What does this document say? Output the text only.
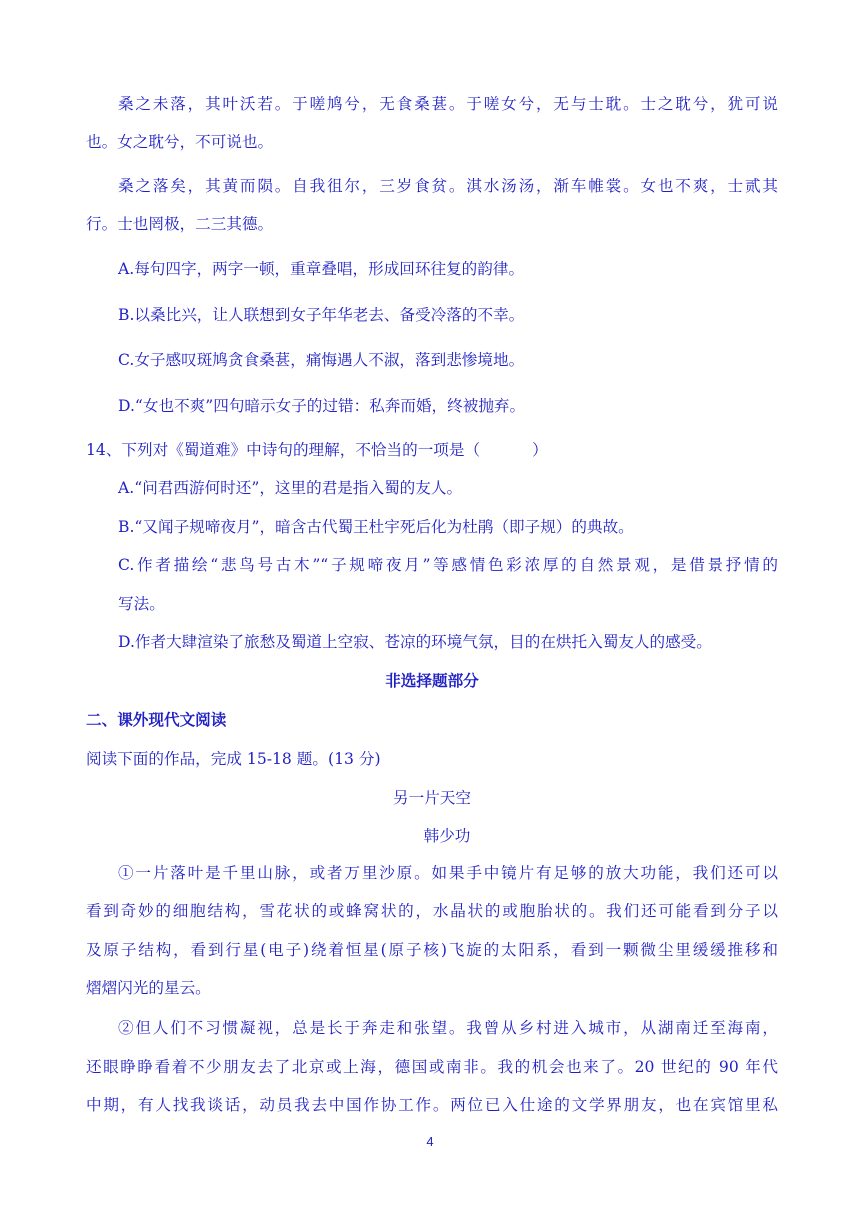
桑之未落，其叶沃若。于嗟鸠兮，无食桑葚。于嗟女兮，无与士耽。士之耽兮，犹可说
也。女之耽兮，不可说也。
桑之落矣，其黄而陨。自我徂尔，三岁食贫。淇水汤汤，渐车帷裳。女也不爽，士贰其
行。士也罔极，二三其德。
A.每句四字，两字一顿，重章叠唱，形成回环往复的韵律。
B.以桑比兴，让人联想到女子年华老去、备受冷落的不幸。
C.女子感叹斑鸠贪食桑葚，痛悔遇人不淑，落到悲惨境地。
D.“女也不爽”四句暗示女子的过错：私奔而婚，终被抛弃。
14、下列对《蜀道难》中诗句的理解，不恰当的一项是（	）
A.“问君西游何时还”，这里的君是指入蜀的友人。
B.“又闻子规啼夜月”，暗含古代蜀王杜宇死后化为杜鹃（即子规）的典故。
C.作者描绘“悲鸟号古木”“子规啼夜月”等感情色彩浓厚的自然景观，是借景抒情的
写法。
D.作者大肆渲染了旅愁及蜀道上空寂、苍凉的环境气氛，目的在烘托入蜀友人的感受。
非选择题部分
二、课外现代文阅读
阅读下面的作品，完成 15-18 题。(13 分)
另一片天空
韩少功
①一片落叶是千里山脉，或者万里沙原。如果手中镜片有足够的放大功能，我们还可以
看到奇妙的细胞结构，雪花状的或蜂窝状的，水晶状的或胞胎状的。我们还可能看到分子以
及原子结构，看到行星(电子)绕着恒星(原子核)飞旋的太阳系，看到一颗微尘里缓缓推移和
熠熠闪光的星云。
②但人们不习惯凝视，总是长于奔走和张望。我曾从乡村进入城市，从湖南迁至海南，
还眼睁睁看着不少朋友去了北京或上海，德国或南非。我的机会也来了。20 世纪的 90 年代
中期，有人找我谈话，动员我去中国作协工作。两位已入仕途的文学界朋友，也在宾馆里私
4
